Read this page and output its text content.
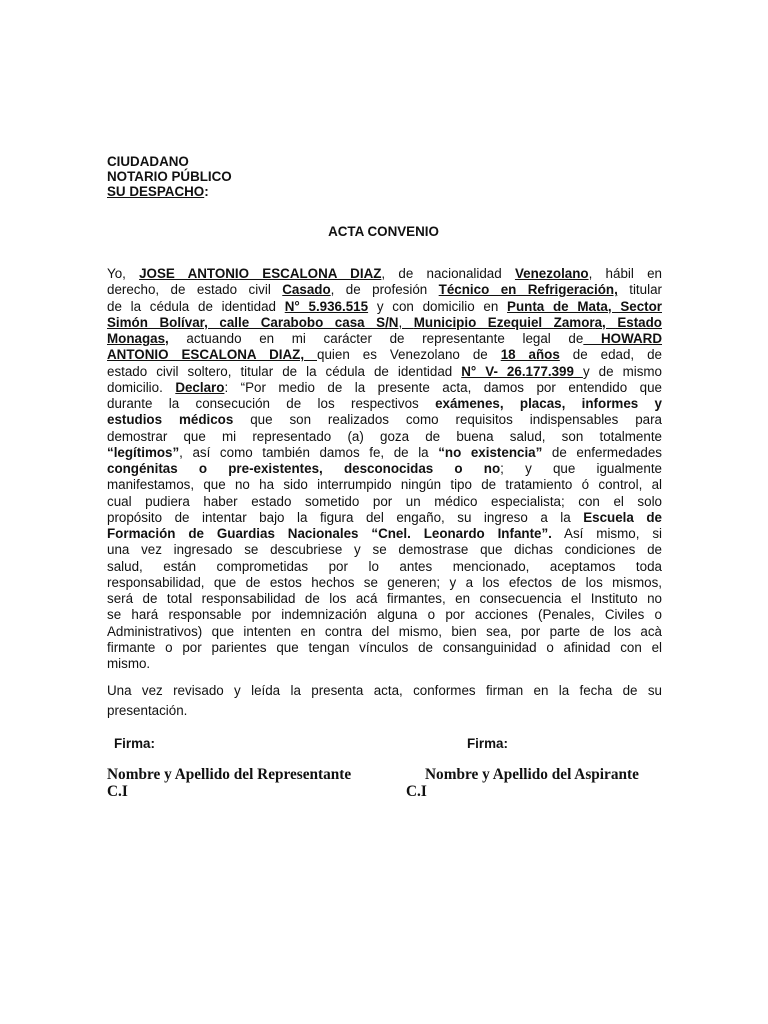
CIUDADANO
NOTARIO PÚBLICO
SU DESPACHO:
ACTA CONVENIO
Yo, JOSE ANTONIO ESCALONA DIAZ, de nacionalidad Venezolano, hábil en
derecho, de estado civil Casado, de profesión Técnico en Refrigeración, titular
de la cédula de identidad N° 5.936.515 y con domicilio en Punta de Mata, Sector
Simón Bolívar, calle Carabobo casa S/N, Municipio Ezequiel Zamora, Estado
Monagas, actuando en mi carácter de representante legal de HOWARD
ANTONIO ESCALONA DIAZ, quien es Venezolano de 18 años de edad, de
estado civil soltero, titular de la cédula de identidad N° V- 26.177.399 y de mismo
domicilio. Declaro: “Por medio de la presente acta, damos por entendido que
durante la consecución de los respectivos exámenes, placas, informes y
estudios médicos que son realizados como requisitos indispensables para
demostrar que mi representado (a) goza de buena salud, son totalmente
“legítimos”, así como también damos fe, de la “no existencia” de enfermedades
congénitas o pre-existentes, desconocidas o no; y que igualmente
manifestamos, que no ha sido interrumpido ningún tipo de tratamiento ó control, al
cual pudiera haber estado sometido por un médico especialista; con el solo
propósito de intentar bajo la figura del engaño, su ingreso a la Escuela de
Formación de Guardias Nacionales “Cnel. Leonardo Infante”. Así mismo, si
una vez ingresado se descubriese y se demostrase que dichas condiciones de
salud, están comprometidas por lo antes mencionado, aceptamos toda
responsabilidad, que de estos hechos se generen; y a los efectos de los mismos,
será de total responsabilidad de los acá firmantes, en consecuencia el Instituto no
se hará responsable por indemnización alguna o por acciones (Penales, Civiles o
Administrativos) que intenten en contra del mismo, bien sea, por parte de los acà
firmante o por parientes que tengan vínculos de consanguinidad o afinidad con el
mismo.
Una vez revisado y leída la presenta acta, conformes firman en la fecha de su
presentación.
Firma:	Firma:
Nombre y Apellido del Representante	Nombre y Apellido del Aspirante
C.I	C.I
